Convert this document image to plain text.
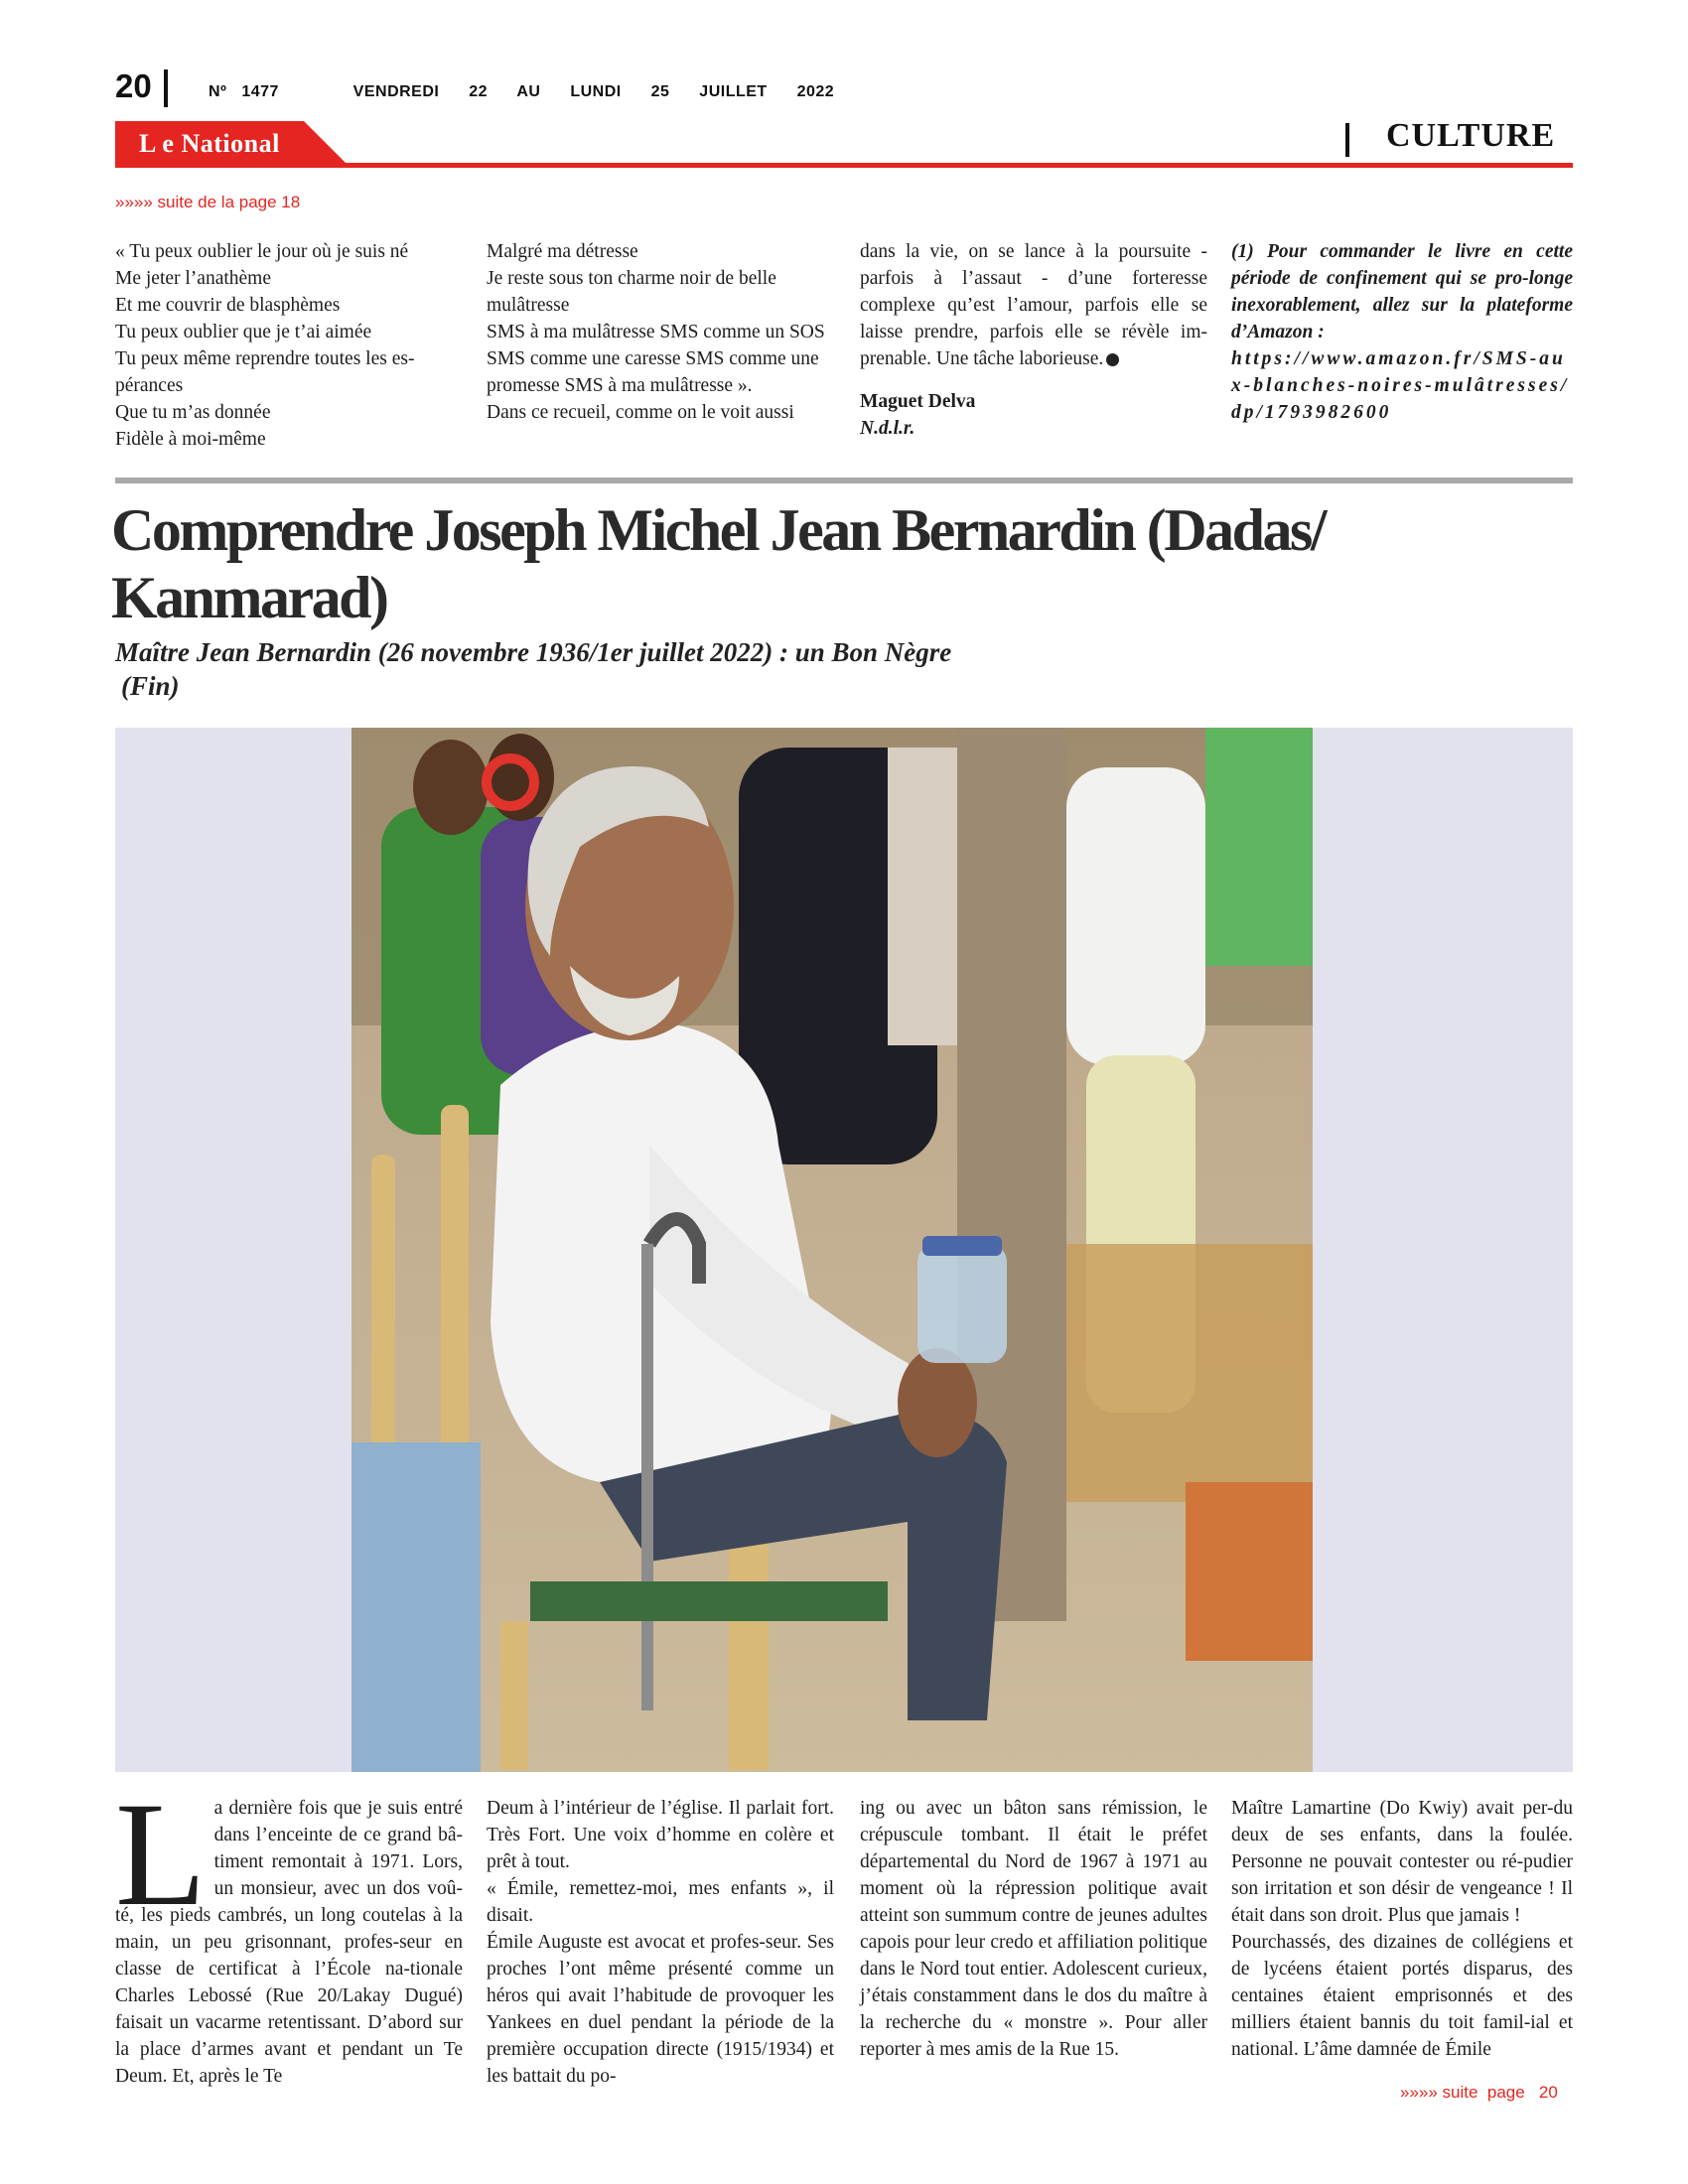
20	Nº 1477     VENDREDI  22  AU  LUNDI  25  JUILLET  2022
L e National	CULTURE
»»»» suite de la page 18

« Tu peux oublier le jour où je suis né
Me jeter l’anathème
Et me couvrir de blasphèmes
Tu peux oublier que je t’ai aimée
Tu peux même reprendre toutes les es-pérances
Que tu m’as donnée
Fidèle à moi-même

Malgré ma détresse
Je reste sous ton charme noir de belle mulâtresse
SMS à ma mulâtresse SMS comme un SOS
SMS comme une caresse SMS comme une promesse SMS à ma mulâtresse ».
Dans ce recueil, comme on le voit aussi

dans la vie, on se lance à la poursuite - parfois à l’assaut - d’une forteresse complexe qu’est l’amour, parfois elle se laisse prendre, parfois elle se révèle im-prenable. Une tâche laborieuse.

Maguet Delva

N.d.l.r.

(1) Pour commander le livre en cette période de confinement qui se pro-longe inexorablement, allez sur la plateforme d’Amazon :

https://www.amazon.fr/SMS-aux-blanches-noires-mulâtresses/dp/1793982600

Comprendre Joseph Michel Jean Bernardin (Dadas/ Kanmarad)
Maître Jean Bernardin (26 novembre 1936/1er juillet 2022) : un Bon Nègre
(Fin)

La dernière fois que je suis entré dans l’enceinte de ce grand bâ-timent remontait à 1971. Lors, un monsieur, avec un dos voû-té, les pieds cambrés, un long coutelas à la main, un peu grisonnant, profes-seur en classe de certificat à l’École na-tionale Charles Lebossé (Rue 20/Lakay Dugué) faisait un vacarme retentissant. D’abord sur la place d’armes avant et pendant un Te Deum. Et, après le Te

Deum à l’intérieur de l’église. Il parlait fort. Très Fort. Une voix d’homme en colère et prêt à tout.

« Émile, remettez-moi, mes enfants », il disait.

Émile Auguste est avocat et profes-seur. Ses proches l’ont même présenté comme un héros qui avait l’habitude de provoquer les Yankees en duel pendant la période de la première occupation directe (1915/1934) et les battait du po-

ing ou avec un bâton sans rémission, le crépuscule tombant. Il était le préfet départemental du Nord de 1967 à 1971 au moment où la répression politique avait atteint son summum contre de jeunes adultes capois pour leur credo et affiliation politique dans le Nord tout entier. Adolescent curieux, j’étais constamment dans le dos du maître à la recherche du « monstre ». Pour aller reporter à mes amis de la Rue 15.

Maître Lamartine (Do Kwiy) avait per-du deux de ses enfants, dans la foulée. Personne ne pouvait contester ou ré-pudier son irritation et son désir de vengeance ! Il était dans son droit. Plus que jamais !

Pourchassés, des dizaines de collégiens et de lycéens étaient portés disparus, des centaines étaient emprisonnés et des milliers étaient bannis du toit famil-ial et national. L’âme damnée de Émile

»»»» suite  page   20
